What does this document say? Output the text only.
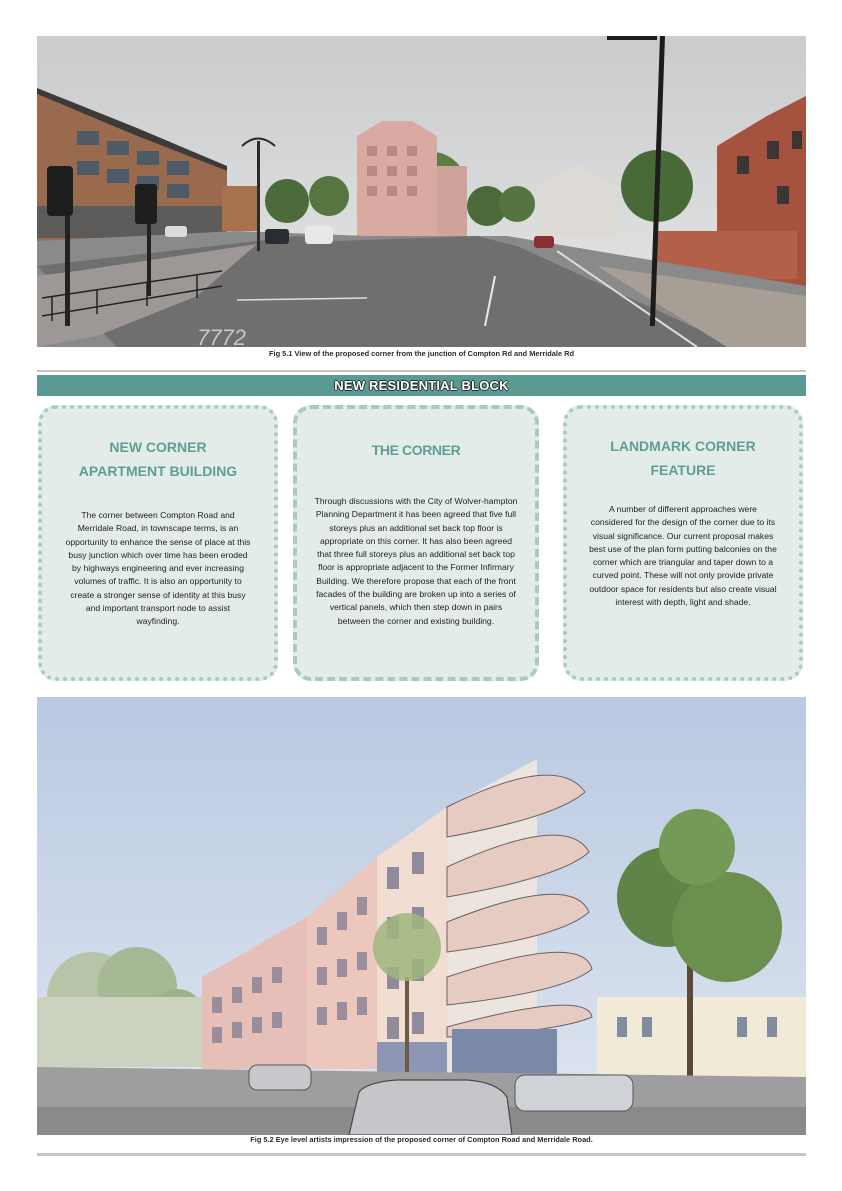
7772
Fig 5.1 View of the proposed corner from the junction of Compton Rd and Merridale Rd
NEW RESIDENTIAL BLOCK
NEW CORNER
APARTMENT BUILDING

The corner between Compton Road and Merridale Road, in townscape terms, is an opportunity to enhance the sense of place at this busy junction which over time has been eroded by highways engineering and ever increasing volumes of traffic. It is also an opportunity to create a stronger sense of identity at this busy and important transport node to assist wayfinding.

THE CORNER

Through discussions with the City of Wolver-hampton Planning Department it has been agreed that five full storeys plus an additional set back top floor is appropriate on this corner. It has also been agreed that three full storeys plus an additional set back top floor is appropriate adjacent to the Former Infirmary Building. We therefore propose that each of the front facades of the building are broken up into a series of vertical panels, which then step down in pairs between the corner and existing building.

LANDMARK CORNER
FEATURE

A number of different approaches were considered for the design of the corner due to its visual significance. Our current proposal makes best use of the plan form putting balconies on the corner which are triangular and taper down to a curved point. These will not only provide private outdoor space for residents but also create visual interest with depth, light and shade.

Fig 5.2 Eye level artists impression of the proposed corner of Compton Road and Merridale Road.
